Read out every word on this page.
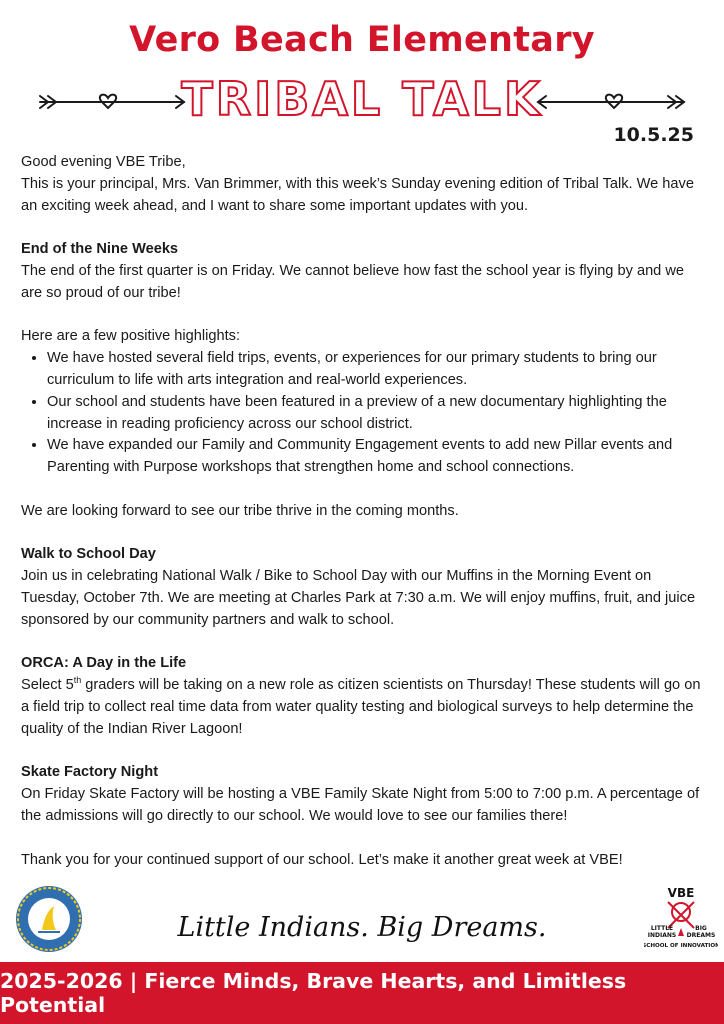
Vero Beach Elementary
TRIBAL TALK
10.5.25

Good evening VBE Tribe,

This is your principal, Mrs. Van Brimmer, with this week’s Sunday evening edition of Tribal Talk. We have an exciting week ahead, and I want to share some important updates with you.

End of the Nine Weeks

The end of the first quarter is on Friday. We cannot believe how fast the school year is flying by and we are so proud of our tribe!

Here are a few positive highlights:

• We have hosted several field trips, events, or experiences for our primary students to bring our curriculum to life with arts integration and real-world experiences.
• Our school and students have been featured in a preview of a new documentary highlighting the increase in reading proficiency across our school district.
• We have expanded our Family and Community Engagement events to add new Pillar events and Parenting with Purpose workshops that strengthen home and school connections.

We are looking forward to see our tribe thrive in the coming months.

Walk to School Day

Join us in celebrating National Walk / Bike to School Day with our Muffins in the Morning Event on Tuesday, October 7th. We are meeting at Charles Park at 7:30 a.m. We will enjoy muffins, fruit, and juice sponsored by our community partners and walk to school.

ORCA: A Day in the Life

Select 5th graders will be taking on a new role as citizen scientists on Thursday! These students will go on a field trip to collect real time data from water quality testing and biological surveys to help determine the quality of the Indian River Lagoon!

Skate Factory Night

On Friday Skate Factory will be hosting a VBE Family Skate Night from 5:00 to 7:00 p.m. A percentage of the admissions will go directly to our school. We would love to see our families there!

Thank you for your continued support of our school. Let’s make it another great week at VBE!

Little Indians. Big Dreams.
VBE
LITTLE
INDIANS
BIG
DREAMS
SCHOOL OF INNOVATION
2025-2026 | Fierce Minds, Brave Hearts, and Limitless Potential
